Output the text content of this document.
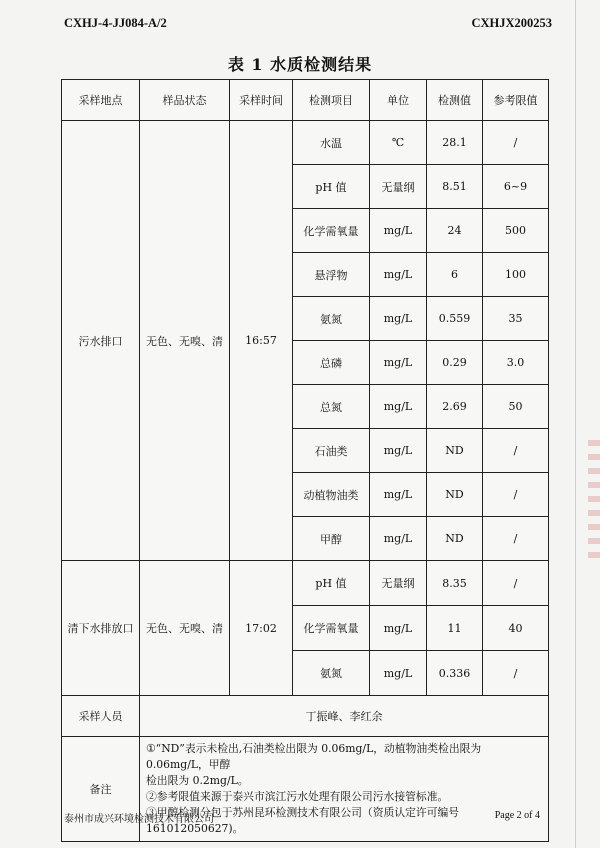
CXHJ-4-JJ084-A/2	CXHJX200253
表 1 水质检测结果
采样地点	样品状态	采样时间	检测项目	单位	检测值	参考限值
污水排口	无色、无嗅、清	16:57	水温	℃	28.1	/
			pH 值	无量纲	8.51	6~9
			化学需氧量	mg/L	24	500
			悬浮物	mg/L	6	100
			氨氮	mg/L	0.559	35
			总磷	mg/L	0.29	3.0
			总氮	mg/L	2.69	50
			石油类	mg/L	ND	/
			动植物油类	mg/L	ND	/
			甲醇	mg/L	ND	/
清下水排放口	无色、无嗅、清	17:02	pH 值	无量纲	8.35	/
			化学需氧量	mg/L	11	40
			氨氮	mg/L	0.336	/
采样人员	丁振峰、李红余					
备注	①“ND”表示未检出,石油类检出限为 0.06mg/L，动植物油类检出限为 0.06mg/L，甲醇
检出限为 0.2mg/L。
②参考限值来源于泰兴市滨江污水处理有限公司污水接管标准。
③甲醇检测分包于苏州昆环检测技术有限公司（资质认定许可编号 161012050627)。					
泰州市成兴环境检测技术有限公司	Page 2 of 4
